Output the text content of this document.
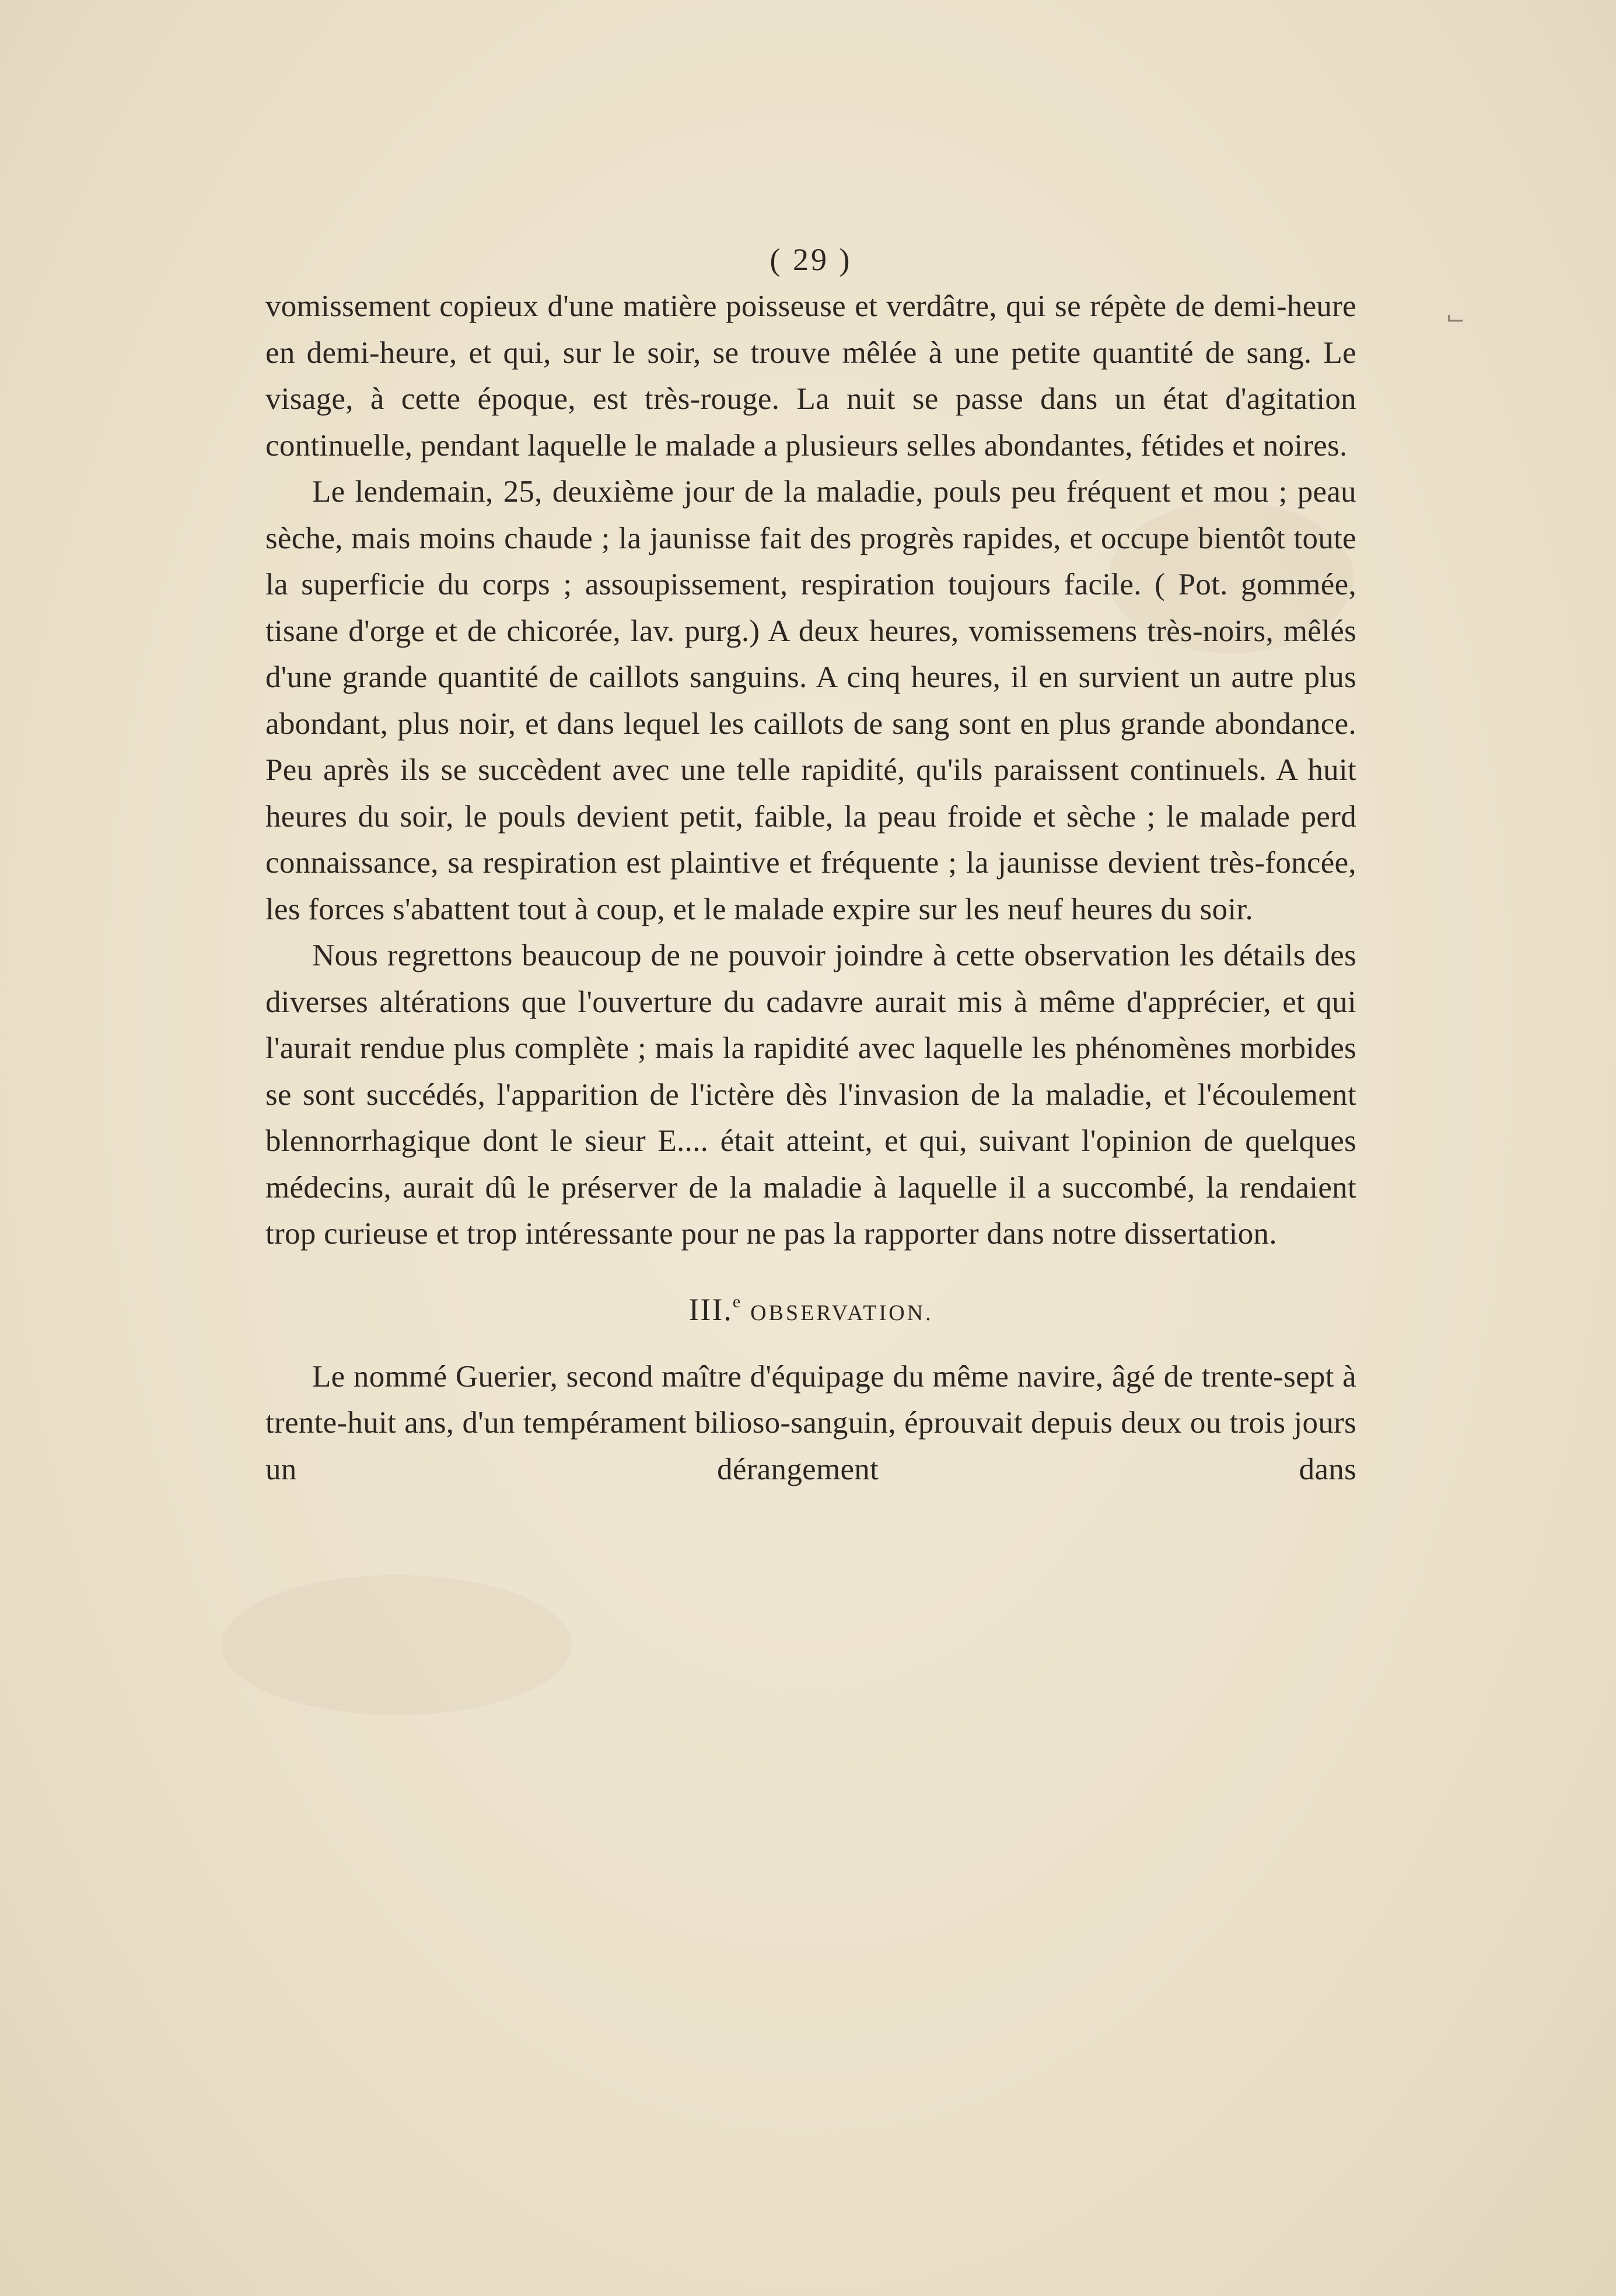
⌙
( 29 )

vomissement copieux d'une matière poisseuse et verdâtre, qui se répète de demi-heure en demi-heure, et qui, sur le soir, se trouve mêlée à une petite quantité de sang. Le visage, à cette époque, est très-rouge. La nuit se passe dans un état d'agitation continuelle, pendant laquelle le malade a plusieurs selles abondantes, fétides et noires.

Le lendemain, 25, deuxième jour de la maladie, pouls peu fréquent et mou ; peau sèche, mais moins chaude ; la jaunisse fait des progrès rapides, et occupe bientôt toute la superficie du corps ; assoupissement, respiration toujours facile. ( Pot. gommée, tisane d'orge et de chicorée, lav. purg.) A deux heures, vomissemens très-noirs, mêlés d'une grande quantité de caillots sanguins. A cinq heures, il en survient un autre plus abondant, plus noir, et dans lequel les caillots de sang sont en plus grande abondance. Peu après ils se succèdent avec une telle rapidité, qu'ils paraissent continuels. A huit heures du soir, le pouls devient petit, faible, la peau froide et sèche ; le malade perd connaissance, sa respiration est plaintive et fréquente ; la jaunisse devient très-foncée, les forces s'abattent tout à coup, et le malade expire sur les neuf heures du soir.

Nous regrettons beaucoup de ne pouvoir joindre à cette observation les détails des diverses altérations que l'ouverture du cadavre aurait mis à même d'apprécier, et qui l'aurait rendue plus complète ; mais la rapidité avec laquelle les phénomènes morbides se sont succédés, l'apparition de l'ictère dès l'invasion de la maladie, et l'écoulement blennorrhagique dont le sieur E.... était atteint, et qui, suivant l'opinion de quelques médecins, aurait dû le préserver de la maladie à laquelle il a succombé, la rendaient trop curieuse et trop intéressante pour ne pas la rapporter dans notre dissertation.

III.$^e$ OBSERVATION.

Le nommé Guerier, second maître d'équipage du même navire, âgé de trente-sept à trente-huit ans, d'un tempérament bilioso-sanguin, éprouvait depuis deux ou trois jours un dérangement dans
